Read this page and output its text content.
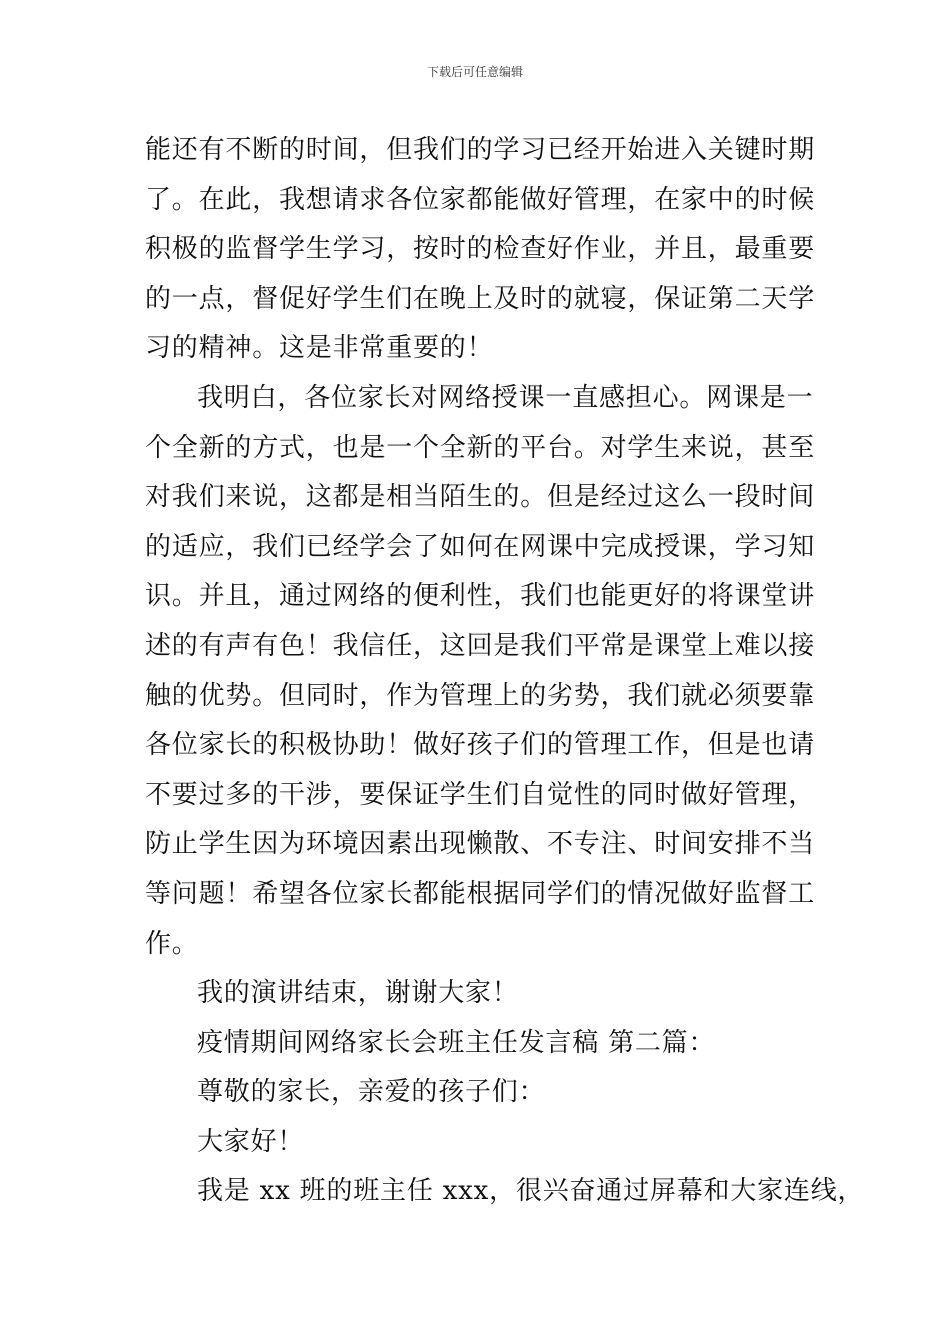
下载后可任意编辑
能还有不断的时间，但我们的学习已经开始进入关键时期
了。在此，我想请求各位家都能做好管理，在家中的时候
积极的监督学生学习，按时的检查好作业，并且，最重要
的一点，督促好学生们在晚上及时的就寝，保证第二天学
习的精神。这是非常重要的！
我明白，各位家长对网络授课一直感担心。网课是一
个全新的方式，也是一个全新的平台。对学生来说，甚至
对我们来说，这都是相当陌生的。但是经过这么一段时间
的适应，我们已经学会了如何在网课中完成授课，学习知
识。并且，通过网络的便利性，我们也能更好的将课堂讲
述的有声有色！我信任，这回是我们平常是课堂上难以接
触的优势。但同时，作为管理上的劣势，我们就必须要靠
各位家长的积极协助！做好孩子们的管理工作，但是也请
不要过多的干涉，要保证学生们自觉性的同时做好管理，
防止学生因为环境因素出现懒散、不专注、时间安排不当
等问题！希望各位家长都能根据同学们的情况做好监督工
作。
我的演讲结束，谢谢大家！
疫情期间网络家长会班主任发言稿 第二篇：
尊敬的家长，亲爱的孩子们：
大家好！
我是 xx 班的班主任 xxx，很兴奋通过屏幕和大家连线，
